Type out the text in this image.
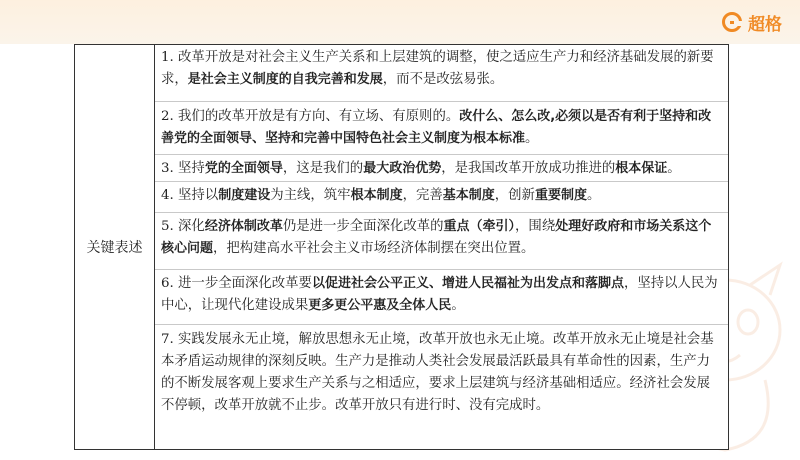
超格
关键表述
1. 改革开放是对社会主义生产关系和上层建筑的调整，使之适应生产力和经济基础发展的新要求，是社会主义制度的自我完善和发展，而不是改弦易张。
2. 我们的改革开放是有方向、有立场、有原则的。改什么、怎么改,必须以是否有利于坚持和改善党的全面领导、坚持和完善中国特色社会主义制度为根本标准。
3. 坚持党的全面领导，这是我们的最大政治优势，是我国改革开放成功推进的根本保证。
4. 坚持以制度建设为主线，筑牢根本制度，完善基本制度，创新重要制度。
5. 深化经济体制改革仍是进一步全面深化改革的重点（牵引），围绕处理好政府和市场关系这个核心问题，把构建高水平社会主义市场经济体制摆在突出位置。
6. 进一步全面深化改革要以促进社会公平正义、增进人民福祉为出发点和落脚点，坚持以人民为中心，让现代化建设成果更多更公平惠及全体人民。
7. 实践发展永无止境，解放思想永无止境，改革开放也永无止境。改革开放永无止境是社会基本矛盾运动规律的深刻反映。生产力是推动人类社会发展最活跃最具有革命性的因素，生产力的不断发展客观上要求生产关系与之相适应，要求上层建筑与经济基础相适应。经济社会发展不停顿，改革开放就不止步。改革开放只有进行时、没有完成时。
